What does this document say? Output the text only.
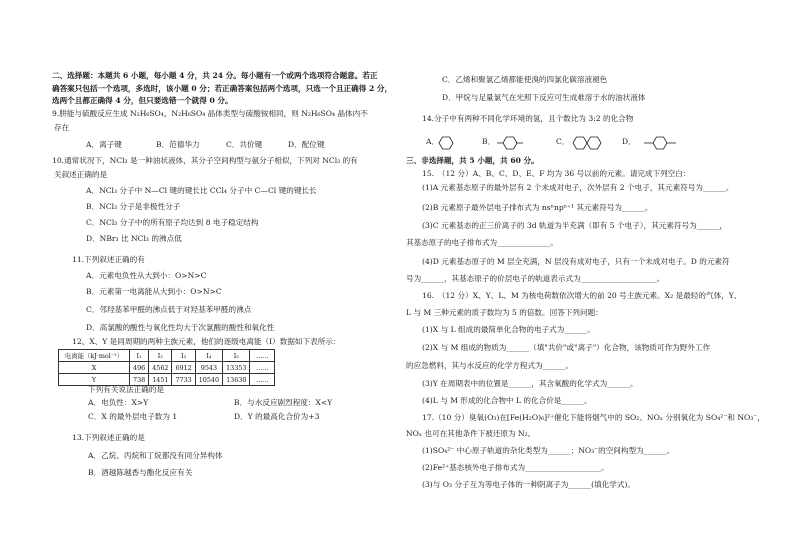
二、选择题：本题共 6 小题，每小题 4 分，共 24 分。每小题有一个或两个选项符合题意。若正
确答案只包括一个选项，多选时，该小题 0 分；若正确答案包括两个选项，只选一个且正确得 2 分，
选两个且都正确得 4 分，但只要选错一个就得 0 分。
9.肼能与硫酸反应生成 N₂H₆SO₄，N₂H₆SO₄ 晶体类型与硫酸铵相同，则 N₂H₆SO₄ 晶体内不
存在
A．离子键	B．范德华力	C．共价键	D．配位键
10.通常状况下，NCl₃ 是一种油状液体，其分子空间构型与氨分子相似，下列对 NCl₃ 的有
关叙述正确的是
A．NCl₃ 分子中 N—Cl 键的键长比 CCl₄ 分子中 C—Cl 键的键长长
B．NCl₃ 分子是非极性分子
C．NCl₃ 分子中的所有原子均达到 8 电子稳定结构
D．NBr₃ 比 NCl₃ 的沸点低
11.下列叙述正确的有
A．元素电负性从大到小：O>N>C
B．元素第一电离能从大到小：O>N>C
C．邻羟基苯甲醛的沸点低于对羟基苯甲醛的沸点
D．高氯酸的酸性与氧化性均大于次氯酸的酸性和氧化性
12、X、Y 是同周期的两种主族元素，他们的逐级电离能（I）数据如下表所示：
下列有关说法正确的是
A．电负性：X>Y	B．与水反应剧烈程度：X<Y
C．X 的最外层电子数为 1	D．Y 的最高化合价为+3
13.下列叙述正确的是
A．乙烷、丙烷和丁烷都没有同分异构体
B．酒越陈越香与酯化反应有关
电离能（kJ·mol⁻¹）	I₁	I₂	I₃	I₄	I₅	……
X	496	4562	6912	9543	13353	……
Y	738	1451	7733	10540	13630	……
C．乙烯和聚氯乙烯都能使溴的四氯化碳溶液褪色
D．甲烷与足量氯气在光照下反应可生成难溶于水的油状液体
14.分子中有两种不同化学环境的氢，且个数比为 3:2 的化合物
A．	B．	C．	D．
三、非选择题，共 5 小题，共 60 分。
15.　（12 分）A、B、C、D、E、F 均为 36 号以前的元素。请完成下列空白：
(1)A 元素基态原子的最外层有 2 个未成对电子，次外层有 2 个电子，其元素符号为______。
(2)B 元素原子最外层电子排布式为 nsⁿnpⁿ⁺¹ 其元素符号为______。
(3)C 元素基态的正三价离子的 3d 轨道为半充满（即有 5 个电子），其元素符号为______，
其基态原子的电子排布式为______________。
(4)D 元素基态原子的 M 层全充满，N 层没有成对电子，只有一个未成对电子。D 的元素符
号为______，其基态原子的价层电子的轨道表示式为____________________。
16.　（12 分）X、Y、L、M 为核电荷数依次增大的前 20 号主族元素。X₂ 是最轻的气体，Y、
L 与 M 三种元素的质子数均为 5 的倍数。回答下列问题：
(1)X 与 L 组成的最简单化合物的电子式为______。
(2)X 与 M 组成的物质为______（填"共价"或"离子"）化合物，该物质可作为野外工作
的应急燃料，其与水反应的化学方程式为______。
(3)Y 在周期表中的位置是______，其含氧酸的化学式为______。
(4)L 与 M 形成的化合物中 L 的化合价是______。
17.（10 分）臭氧(O₃)在[Fe(H₂O)₆]²⁺催化下能将烟气中的 SO₂、NOₓ 分别氧化为 SO₄²⁻和 NO₃⁻，
NOₓ 也可在其他条件下被还原为 N₂。
(1)SO₄²⁻ 中心原子轨道的杂化类型为______；NO₃⁻的空间构型为______。
(2)Fe²⁺基态核外电子排布式为____________________。
(3)与 O₃ 分子互为等电子体的一种阴离子为______(填化学式)。
